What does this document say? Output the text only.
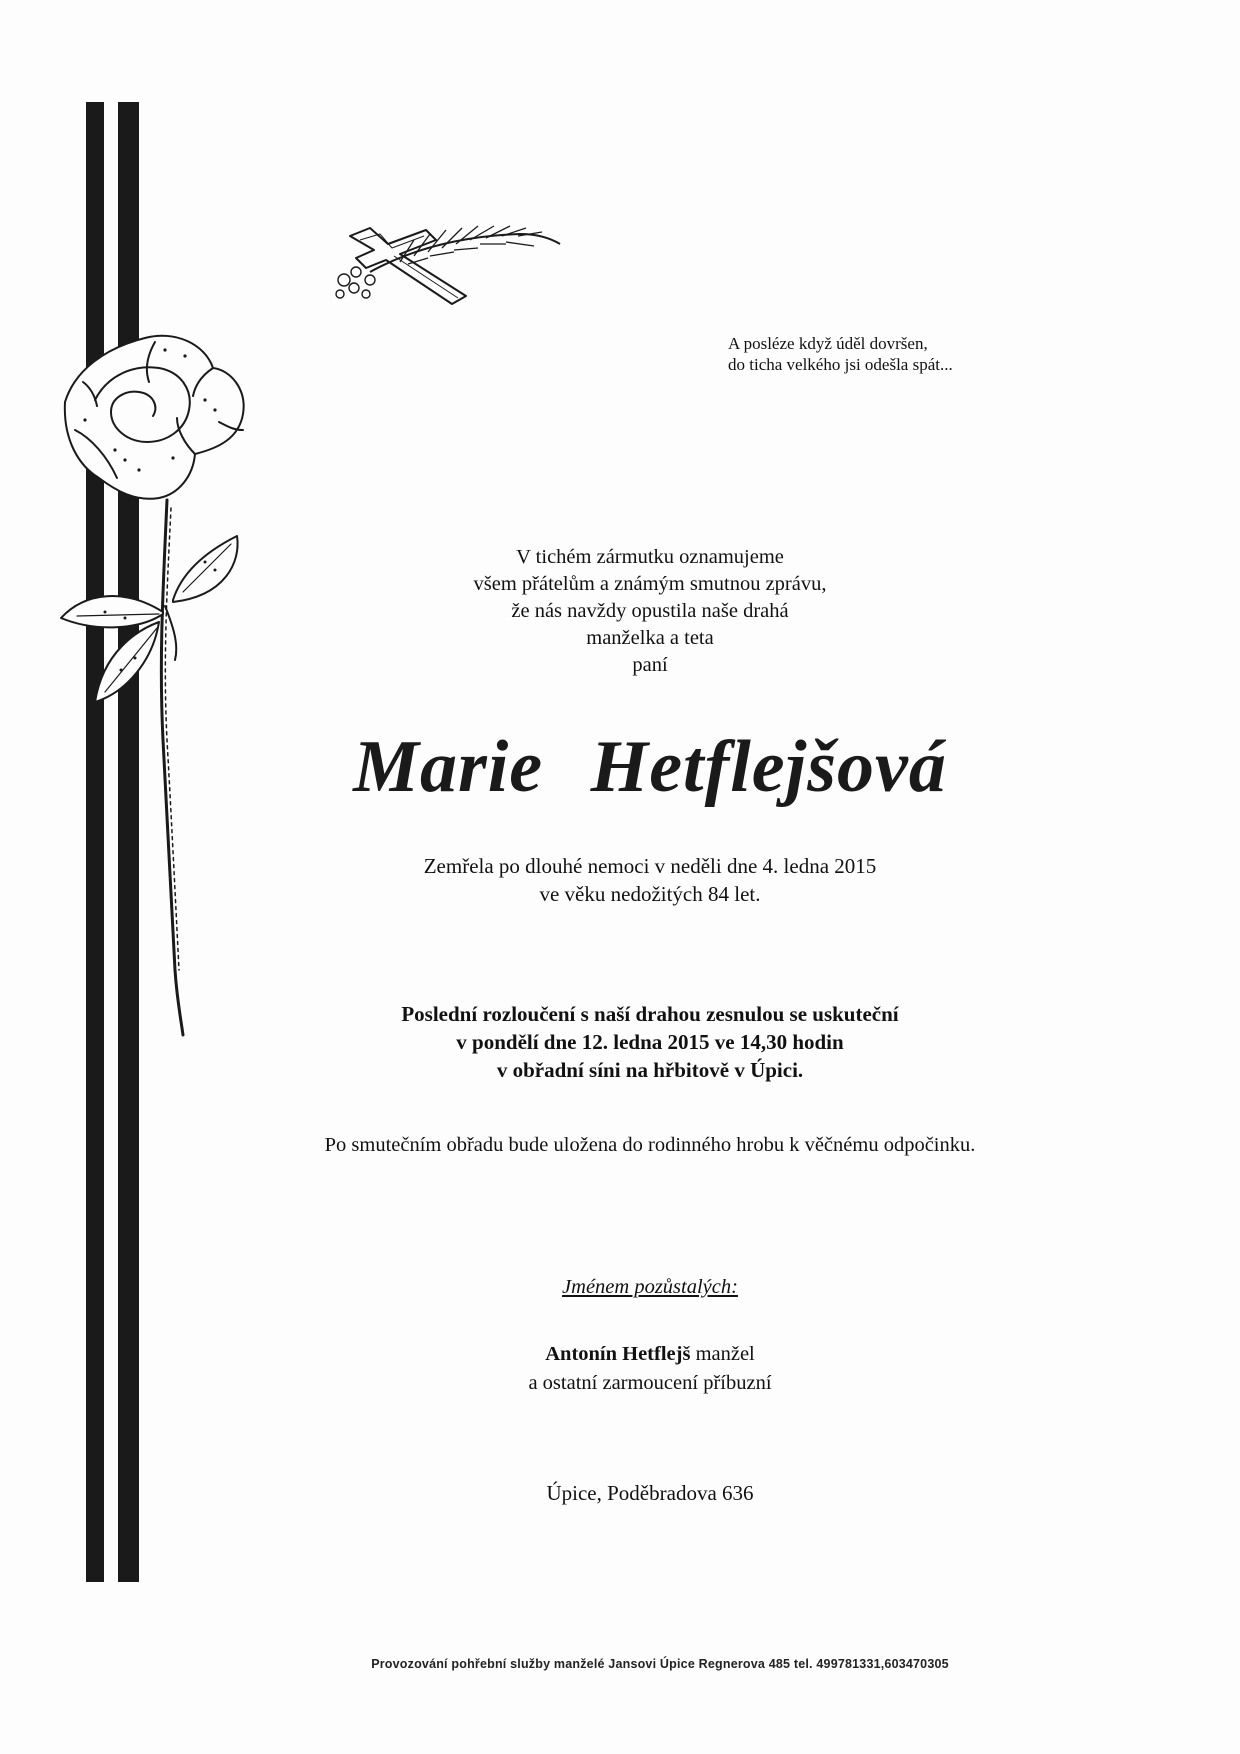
A posléze když úděl dovršen,
do ticha velkého jsi odešla spát...
V tichém zármutku oznamujeme
všem přátelům a známým smutnou zprávu,
že nás navždy opustila naše drahá
manželka a teta
paní
Marie Hetflejšová
Zemřela po dlouhé nemoci v neděli dne 4. ledna 2015
ve věku nedožitých 84 let.
Poslední rozloučení s naší drahou zesnulou se uskuteční
v pondělí dne 12. ledna 2015 ve 14,30 hodin
v obřadní síni na hřbitově v Úpici.
Po smutečním obřadu bude uložena do rodinného hrobu k věčnému odpočinku.
Jménem pozůstalých:
Antonín Hetflejš manžel
a ostatní zarmoucení příbuzní
Úpice, Poděbradova 636
Provozování pohřební služby manželé Jansovi Úpice Regnerova 485 tel. 499781331,603470305
